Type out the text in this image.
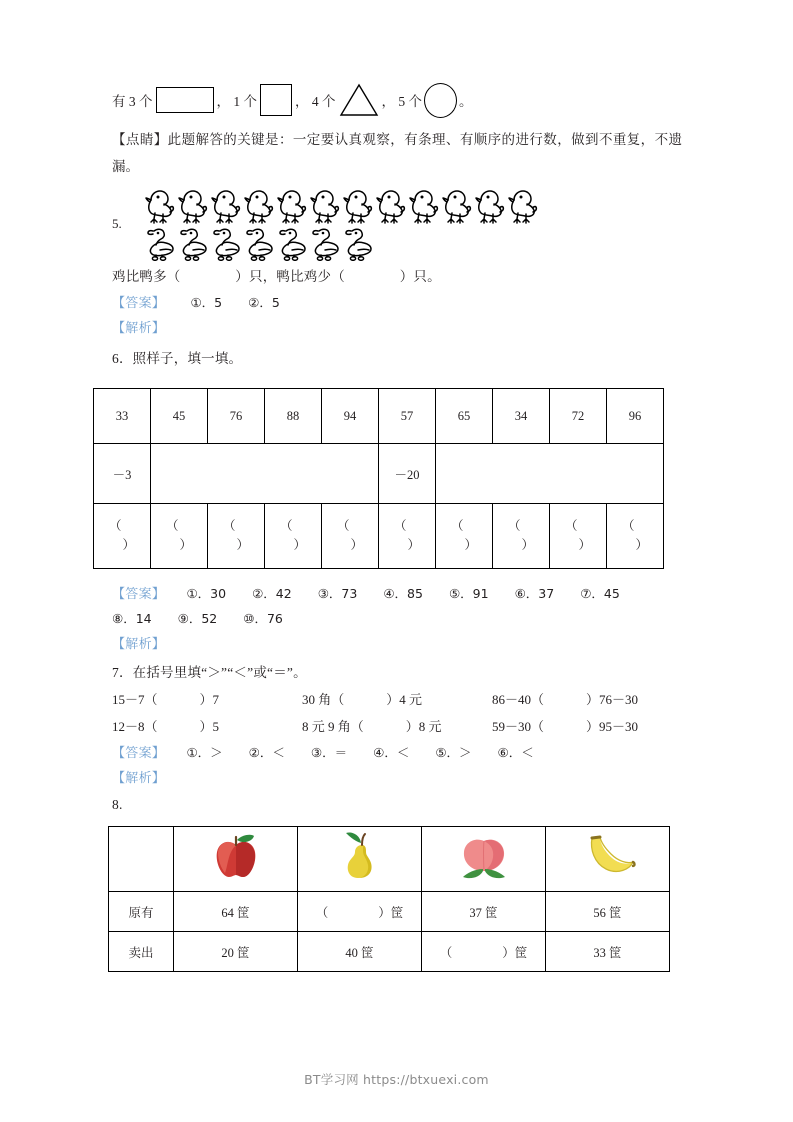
有 3 个	， 1 个	， 4 个	， 5 个	。
【点睛】此题解答的关键是：一定要认真观察，有条理、有顺序的进行数，做到不重复，不遗漏。
5.
鸡比鸭多（　　　　）只，鸭比鸡少（　　　　）只。
【答案】 ①．5 ②．5
【解析】
6．照样子，填一填。
33	45	76	88	94	57	65	34	72	96
－3					－20				

（
）	（
）	（
）	（
）	（
）	（
）	（
）	（
）	（
）	（
）
【答案】 ①．30 ②．42 ③．73 ④．85 ⑤．91 ⑥．37 ⑦．45
⑧．14 ⑨．52 ⑩．76
【解析】
7．在括号里填“＞”“＜”或“＝”。
15－7（	）7	30 角（	）4 元	86－40（	）76－30
12－8（	）5	8 元 9 角（	）8 元	59－30（	）95－30
【答案】 ①．＞ ②．＜ ③．＝ ④．＜ ⑤．＞ ⑥．＜
【解析】
8.

原有	64 筐	（　　　　）筐	37 筐	56 筐
卖出	20 筐	40 筐	（　　　　）筐	33 筐
BT学习网 https://btxuexi.com
